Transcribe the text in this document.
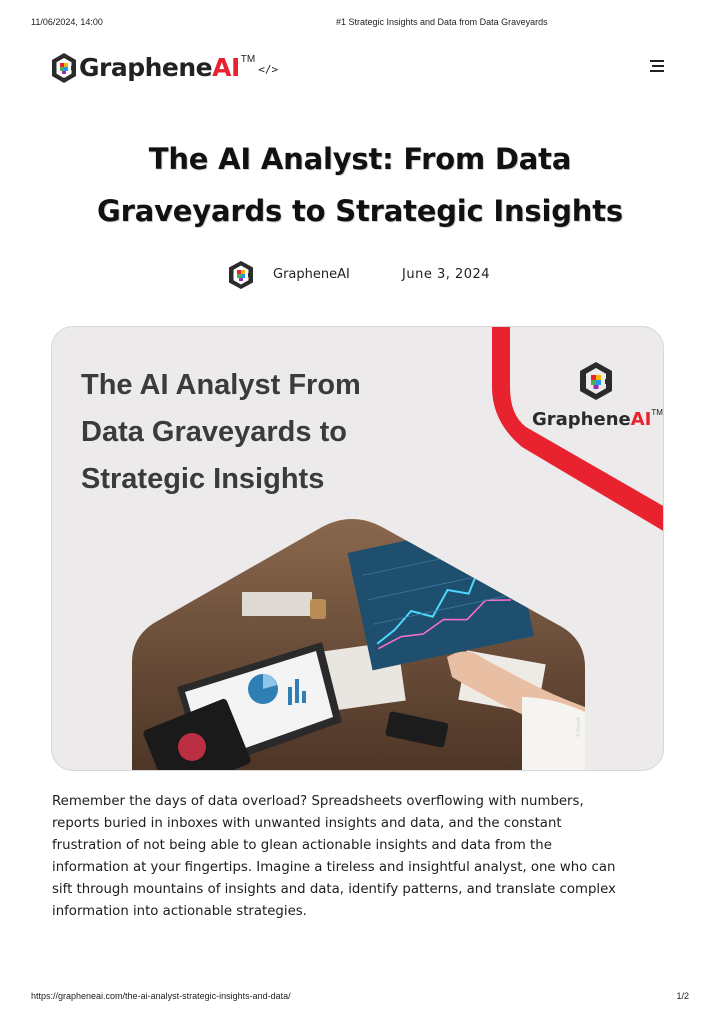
11/06/2024, 14:00	#1 Strategic Insights and Data from Data Graveyards
Graphene AI TM
</>
The AI Analyst: From Data
Graveyards to Strategic Insights
GrapheneAI	June 3, 2024
© freepik
The AI Analyst From
Data Graveyards to
Strategic Insights
Graphene AI TM

Remember the days of data overload? Spreadsheets overflowing with numbers,
reports buried in inboxes with unwanted insights and data, and the constant
frustration of not being able to glean actionable insights and data from the
information at your fingertips. Imagine a tireless and insightful analyst, one who can
sift through mountains of insights and data, identify patterns, and translate complex
information into actionable strategies.

https://grapheneai.com/the-ai-analyst-strategic-insights-and-data/	1/2
